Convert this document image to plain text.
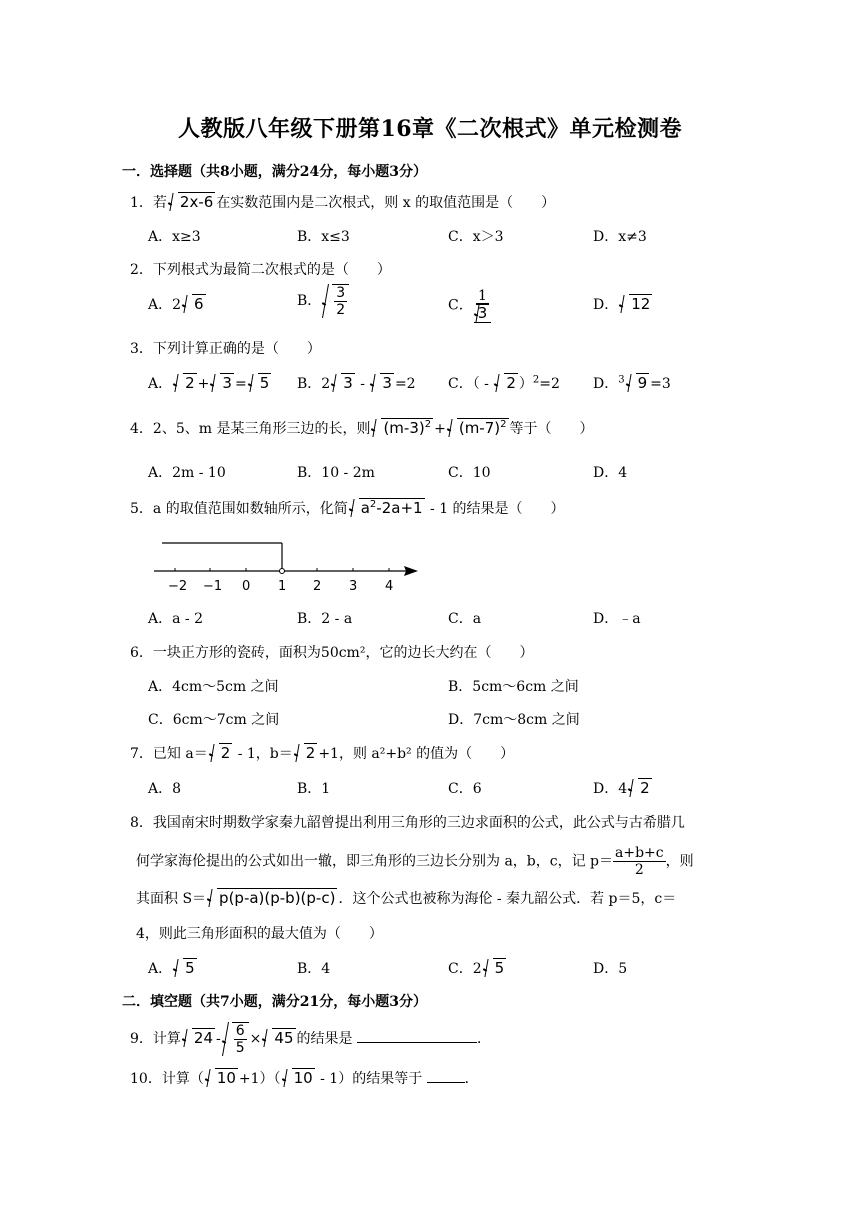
人教版八年级下册第16章《二次根式》单元检测卷
一．选择题（共8小题，满分24分，每小题3分）
1．若 2x-6 在实数范围内是二次根式，则 x 的取值范围是（　　）
A．x≥3	B．x≤3	C．x＞3	D．x≠3
2．下列根式为最简二次根式的是（　　）
A．2 6	B． $\frac{3}{2}$	C． $\frac{1}{3}$	D． 12
3．下列计算正确的是（　　）
A． 2 + 3 = 5 B．2 3 - 3 =2 C．（ - 2 ）$^2$=2 D．$^3$ 9 =3
4．2、5、m 是某三角形三边的长，则 $(m-3)^2 + (m-7)^2$ 等于（　　）
A．2m - 10	B．10 - 2m	C．10	D．4
5．a 的取值范围如数轴所示，化简 $a^2-2a+1 - 1$ 的结果是（　　）
−2 −1 0 1 2 3 4
A．a - 2	B．2 - a	C．a	D．﹣a
6．一块正方形的瓷砖，面积为50cm²，它的边长大约在（　　）
A．4cm～5cm 之间	B．5cm～6cm 之间
C．6cm～7cm 之间	D．7cm～8cm 之间
7．已知 a＝ 2 - 1，b＝ 2 +1，则 a²+b² 的值为（　　）
A．8	B．1	C．6	D．4 2
8．我国南宋时期数学家秦九韶曾提出利用三角形的三边求面积的公式，此公式与古希腊几
何学家海伦提出的公式如出一辙，即三角形的三边长分别为 a，b，c，记 $p= \frac{a+b+c}{2}$ ，则
其面积 S＝ p(p-a)(p-b)(p-c) ．这个公式也被称为海伦 - 秦九韶公式．若 p＝5，c＝
4，则此三角形面积的最大值为（　　）
A． 5	B．4	C．2 5	D．5
二．填空题（共7小题，满分21分，每小题3分）
9．计算 $24 - \frac{6}{5} \times 45$ 的结果是	．
10．计算（ 10 +1）（ 10 - 1）的结果等于	．
